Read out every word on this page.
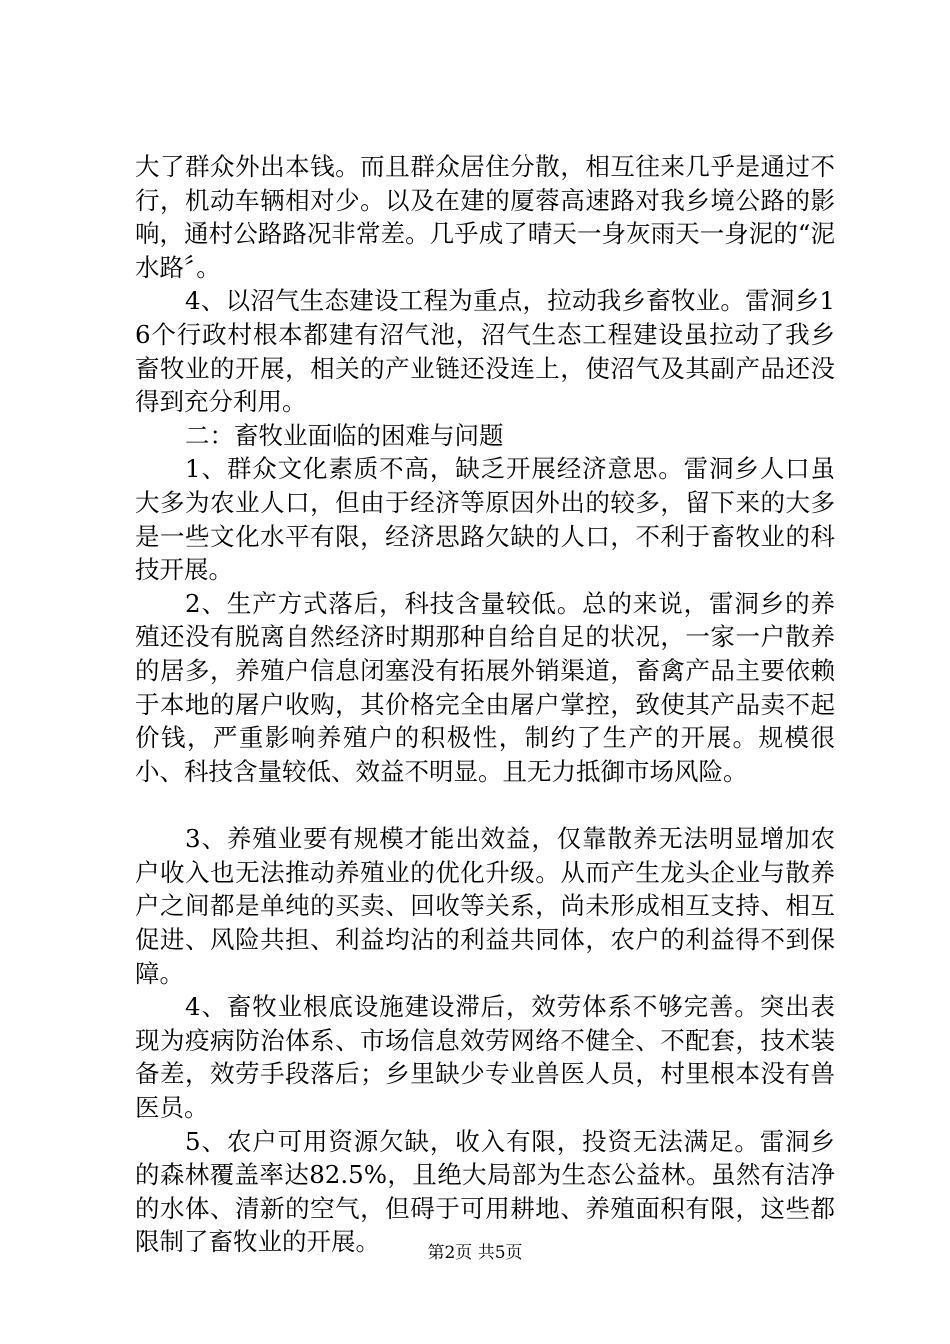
大了群众外出本钱。而且群众居住分散，相互往来几乎是通过不行，机动车辆相对少。以及在建的厦蓉高速路对我乡境公路的影响，通村公路路况非常差。几乎成了晴天一身灰雨天一身泥的“泥水路〞。

4、以沼气生态建设工程为重点，拉动我乡畜牧业。雷洞乡16个行政村根本都建有沼气池，沼气生态工程建设虽拉动了我乡畜牧业的开展，相关的产业链还没连上，使沼气及其副产品还没得到充分利用。

二：畜牧业面临的困难与问题

1、群众文化素质不高，缺乏开展经济意思。雷洞乡人口虽大多为农业人口，但由于经济等原因外出的较多，留下来的大多是一些文化水平有限，经济思路欠缺的人口，不利于畜牧业的科技开展。

2、生产方式落后，科技含量较低。总的来说，雷洞乡的养殖还没有脱离自然经济时期那种自给自足的状况，一家一户散养的居多，养殖户信息闭塞没有拓展外销渠道，畜禽产品主要依赖于本地的屠户收购，其价格完全由屠户掌控，致使其产品卖不起价钱，严重影响养殖户的积极性，制约了生产的开展。规模很小、科技含量较低、效益不明显。且无力抵御市场风险。

3、养殖业要有规模才能出效益，仅靠散养无法明显增加农户收入也无法推动养殖业的优化升级。从而产生龙头企业与散养户之间都是单纯的买卖、回收等关系，尚未形成相互支持、相互促进、风险共担、利益均沾的利益共同体，农户的利益得不到保障。

4、畜牧业根底设施建设滞后，效劳体系不够完善。突出表现为疫病防治体系、市场信息效劳网络不健全、不配套，技术装备差，效劳手段落后；乡里缺少专业兽医人员，村里根本没有兽医员。

5、农户可用资源欠缺，收入有限，投资无法满足。雷洞乡的森林覆盖率达82.5%，且绝大局部为生态公益林。虽然有洁净的水体、清新的空气，但碍于可用耕地、养殖面积有限，这些都限制了畜牧业的开展。	第2页 共5页
